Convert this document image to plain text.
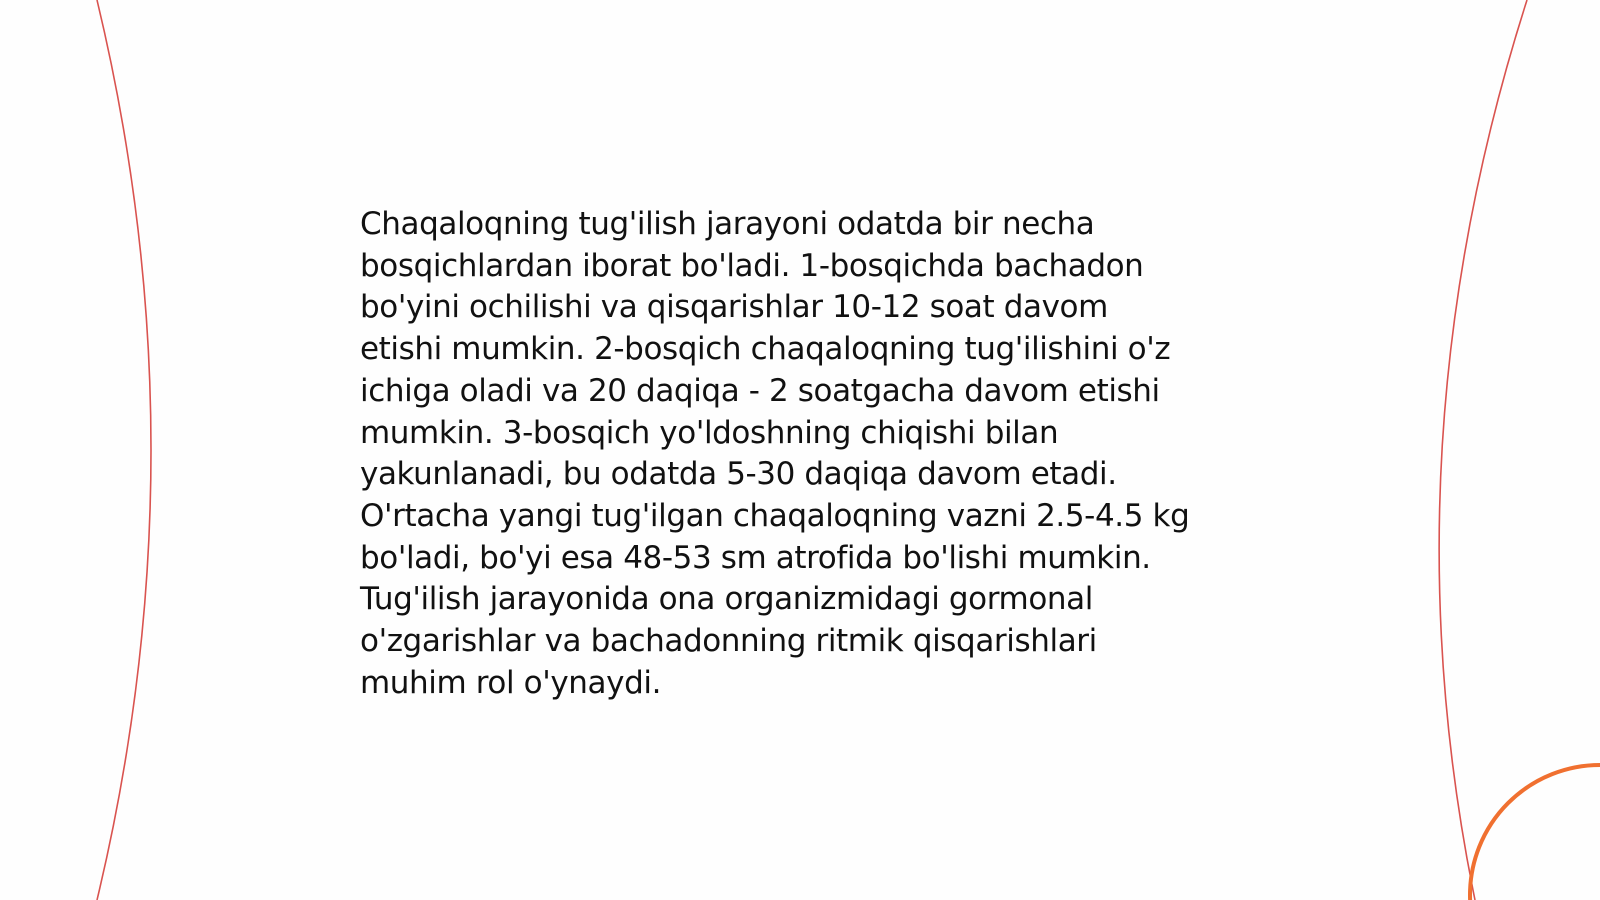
Chaqaloqning tug'ilish jarayoni odatda bir necha
bosqichlardan iborat bo'ladi. 1-bosqichda bachadon
bo'yini ochilishi va qisqarishlar 10-12 soat davom
etishi mumkin. 2-bosqich chaqaloqning tug'ilishini o'z
ichiga oladi va 20 daqiqa - 2 soatgacha davom etishi
mumkin. 3-bosqich yo'ldoshning chiqishi bilan
yakunlanadi, bu odatda 5-30 daqiqa davom etadi.
O'rtacha yangi tug'ilgan chaqaloqning vazni 2.5-4.5 kg
bo'ladi, bo'yi esa 48-53 sm atrofida bo'lishi mumkin.
Tug'ilish jarayonida ona organizmidagi gormonal
o'zgarishlar va bachadonning ritmik qisqarishlari
muhim rol o'ynaydi.
